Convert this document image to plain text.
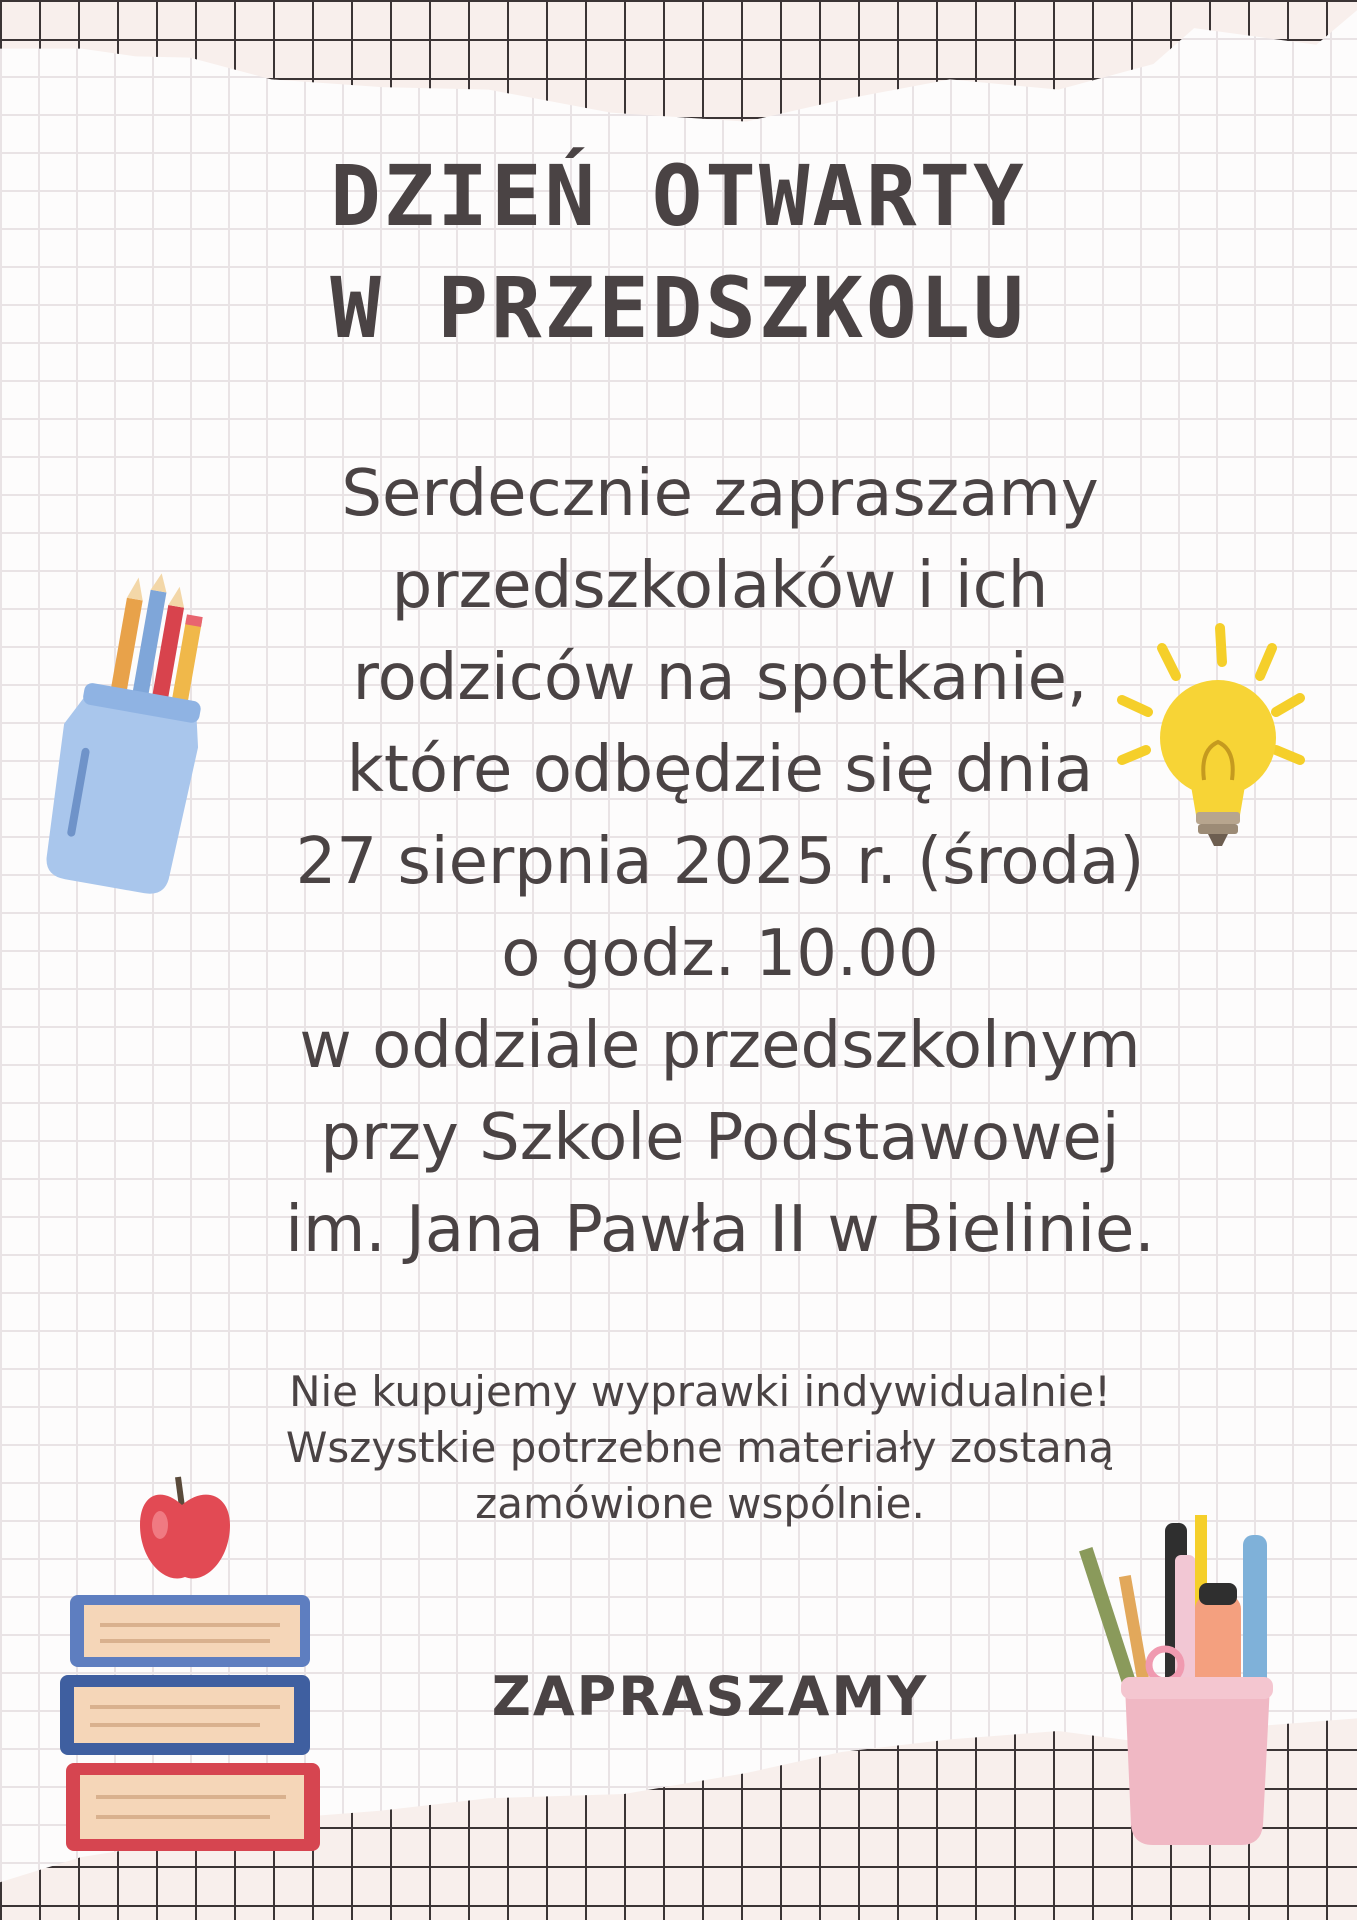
DZIEŃ OTWARTY
W PRZEDSZKOLU
Serdecznie zapraszamy
przedszkolaków i ich
rodziców na spotkanie,
które odbędzie się dnia
27 sierpnia 2025 r. (środa)
o godz. 10.00
w oddziale przedszkolnym
przy Szkole Podstawowej
im. Jana Pawła II w Bielinie.
Nie kupujemy wyprawki indywidualnie!
Wszystkie potrzebne materiały zostaną
zamówione wspólnie.
ZAPRASZAMY
